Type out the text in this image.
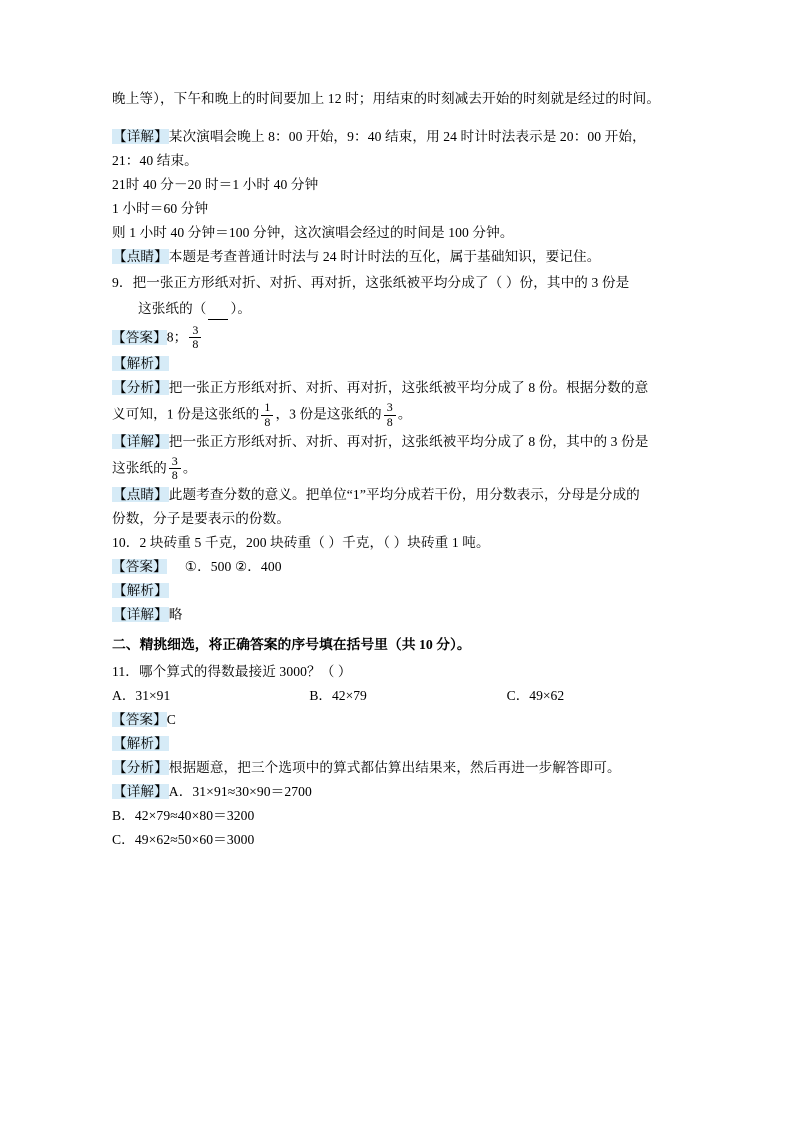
晚上等），下午和晚上的时间要加上 12 时；用结束的时刻减去开始的时刻就是经过的时间。

【详解】某次演唱会晚上 8：00 开始，9：40 结束，用 24 时计时法表示是 20：00 开始，

21：40 结束。

21时 40 分－20 时＝1 小时 40 分钟

1 小时＝60 分钟

则 1 小时 40 分钟＝100 分钟，这次演唱会经过的时间是 100 分钟。

【点睛】本题是考查普通计时法与 24 时计时法的互化，属于基础知识，要记住。

9．把一张正方形纸对折、对折、再对折，这张纸被平均分成了（ ）份，其中的 3 份是

这张纸的（ ）。

【答案】8； $\frac{3}{8}$

【解析】

【分析】把一张正方形纸对折、对折、再对折，这张纸被平均分成了 8 份。根据分数的意

义可知，1 份是这张纸的 $\frac{1}{8}$ ，3 份是这张纸的 $\frac{3}{8}$ 。

【详解】把一张正方形纸对折、对折、再对折，这张纸被平均分成了 8 份，其中的 3 份是

这张纸的 $\frac{3}{8}$ 。

【点睛】此题考查分数的意义。把单位“1”平均分成若干份，用分数表示，分母是分成的

份数，分子是要表示的份数。

10．2 块砖重 5 千克，200 块砖重（ ）千克，（ ）块砖重 1 吨。

【答案】 ①．500 ②．400

【解析】

【详解】略

二、精挑细选，将正确答案的序号填在括号里（共 10 分）。

11．哪个算式的得数最接近 3000？（ ）

A．31×91	B．42×79	C．49×62

【答案】C

【解析】

【分析】根据题意，把三个选项中的算式都估算出结果来，然后再进一步解答即可。

【详解】A．31×91≈30×90＝2700

B．42×79≈40×80＝3200

C．49×62≈50×60＝3000
